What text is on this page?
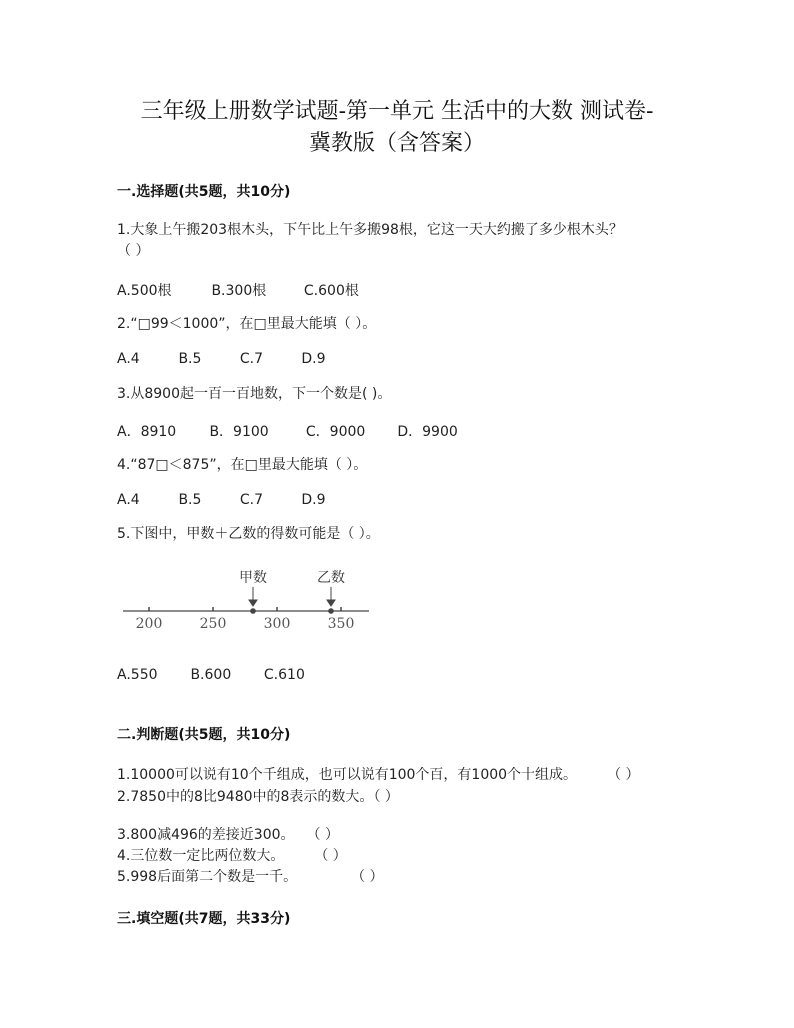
三年级上册数学试题-第一单元 生活中的大数 测试卷-
冀教版（含答案）
一.选择题(共5题，共10分)
1.大象上午搬203根木头，下午比上午多搬98根，它这一天大约搬了多少根木头？
（ ）
A.500根	B.300根	C.600根
2.“□99＜1000”，在□里最大能填（ ）。
A.4	B.5	C.7	D.9
3.从8900起一百一百地数，下一个数是( )。
A．8910 B．9100	C．9000 D．9900
4.“87□＜875”，在□里最大能填（ ）。
A.4	B.5	C.7	D.9
5.下图中，甲数＋乙数的得数可能是（ ）。
甲数	乙数
200	250	300	350
A.550 B.600 C.610
二.判断题(共5题，共10分)
1.10000可以说有10个千组成，也可以说有100个百，有1000个十组成。 （ ）
2.7850中的8比9480中的8表示的数大。（ ）
3.800减496的差接近300。 （ ）
4.三位数一定比两位数大。 （ ）
5.998后面第二个数是一千。	（ ）
三.填空题(共7题，共33分)
